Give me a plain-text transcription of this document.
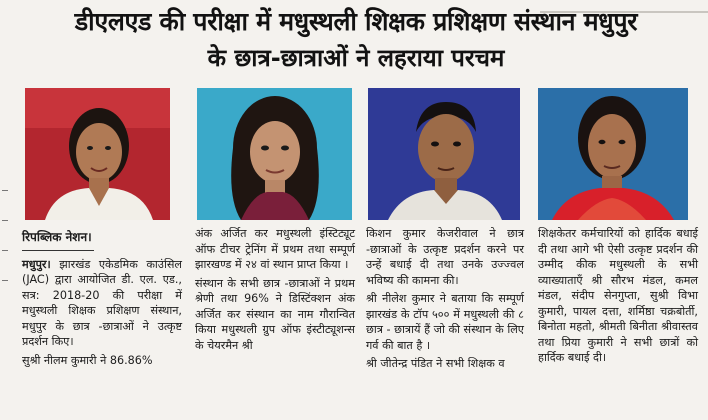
डीएलएड की परीक्षा में मधुस्थली शिक्षक प्रशिक्षण संस्थान मधुपुर
के छात्र-छात्राओं ने लहराया परचम
रिपब्लिक नेशन।

मधुपुर। झारखंड एकेडमिक काउंसिल (JAC) द्वारा आयोजित डी. एल. एड., सत्र: 2018-20 की परीक्षा में मधुस्थली शिक्षक प्रशिक्षण संस्थान, मधुपुर के छात्र -छात्राओं ने उत्कृष्ट प्रदर्शन किए।

सुश्री नीलम कुमारी ने 86.86%

अंक अर्जित कर मधुस्थली इंस्टिट्यूट ऑफ टीचर ट्रेनिंग में प्रथम तथा सम्पूर्ण झारखण्ड में २४ वां स्थान प्राप्त किया ।

संस्थान के सभी छात्र -छात्राओं ने प्रथम श्रेणी तथा 96% ने डिस्टिंक्शन अंक अर्जित कर संस्थान का नाम गौरान्वित किया मधुस्थली ग्रुप ऑफ इंस्टीट्यूशन्स के चेयरमैन श्री

किशन कुमार केजरीवाल ने छात्र -छात्राओं के उत्कृष्ट प्रदर्शन करने पर उन्हें बधाई दी तथा उनके उज्ज्वल भविष्य की कामना की।

श्री नीलेश कुमार ने बताया कि सम्पूर्ण झारखंड के टॉप ५०० में मधुस्थली की ८ छात्र - छात्रायें हैं जो की संस्थान के लिए गर्व की बात है ।

श्री जीतेन्द्र पंडित ने सभी शिक्षक व

शिक्षकेतर कर्मचारियों को हार्दिक बधाई दी तथा आगे भी ऐसी उत्कृष्ट प्रदर्शन की उम्मीद कीक मधुस्थली के सभी व्याख्याताएँ श्री सौरभ मंडल, कमल मंडल, संदीप सेनगुप्ता, सुश्री विभा कुमारी, पायल दत्ता, शर्मिष्ठा चक्रबोर्ती, बिनोता महतो, श्रीमती बिनीता श्रीवास्तव तथा प्रिया कुमारी ने सभी छात्रों को हार्दिक बधाई दी।
